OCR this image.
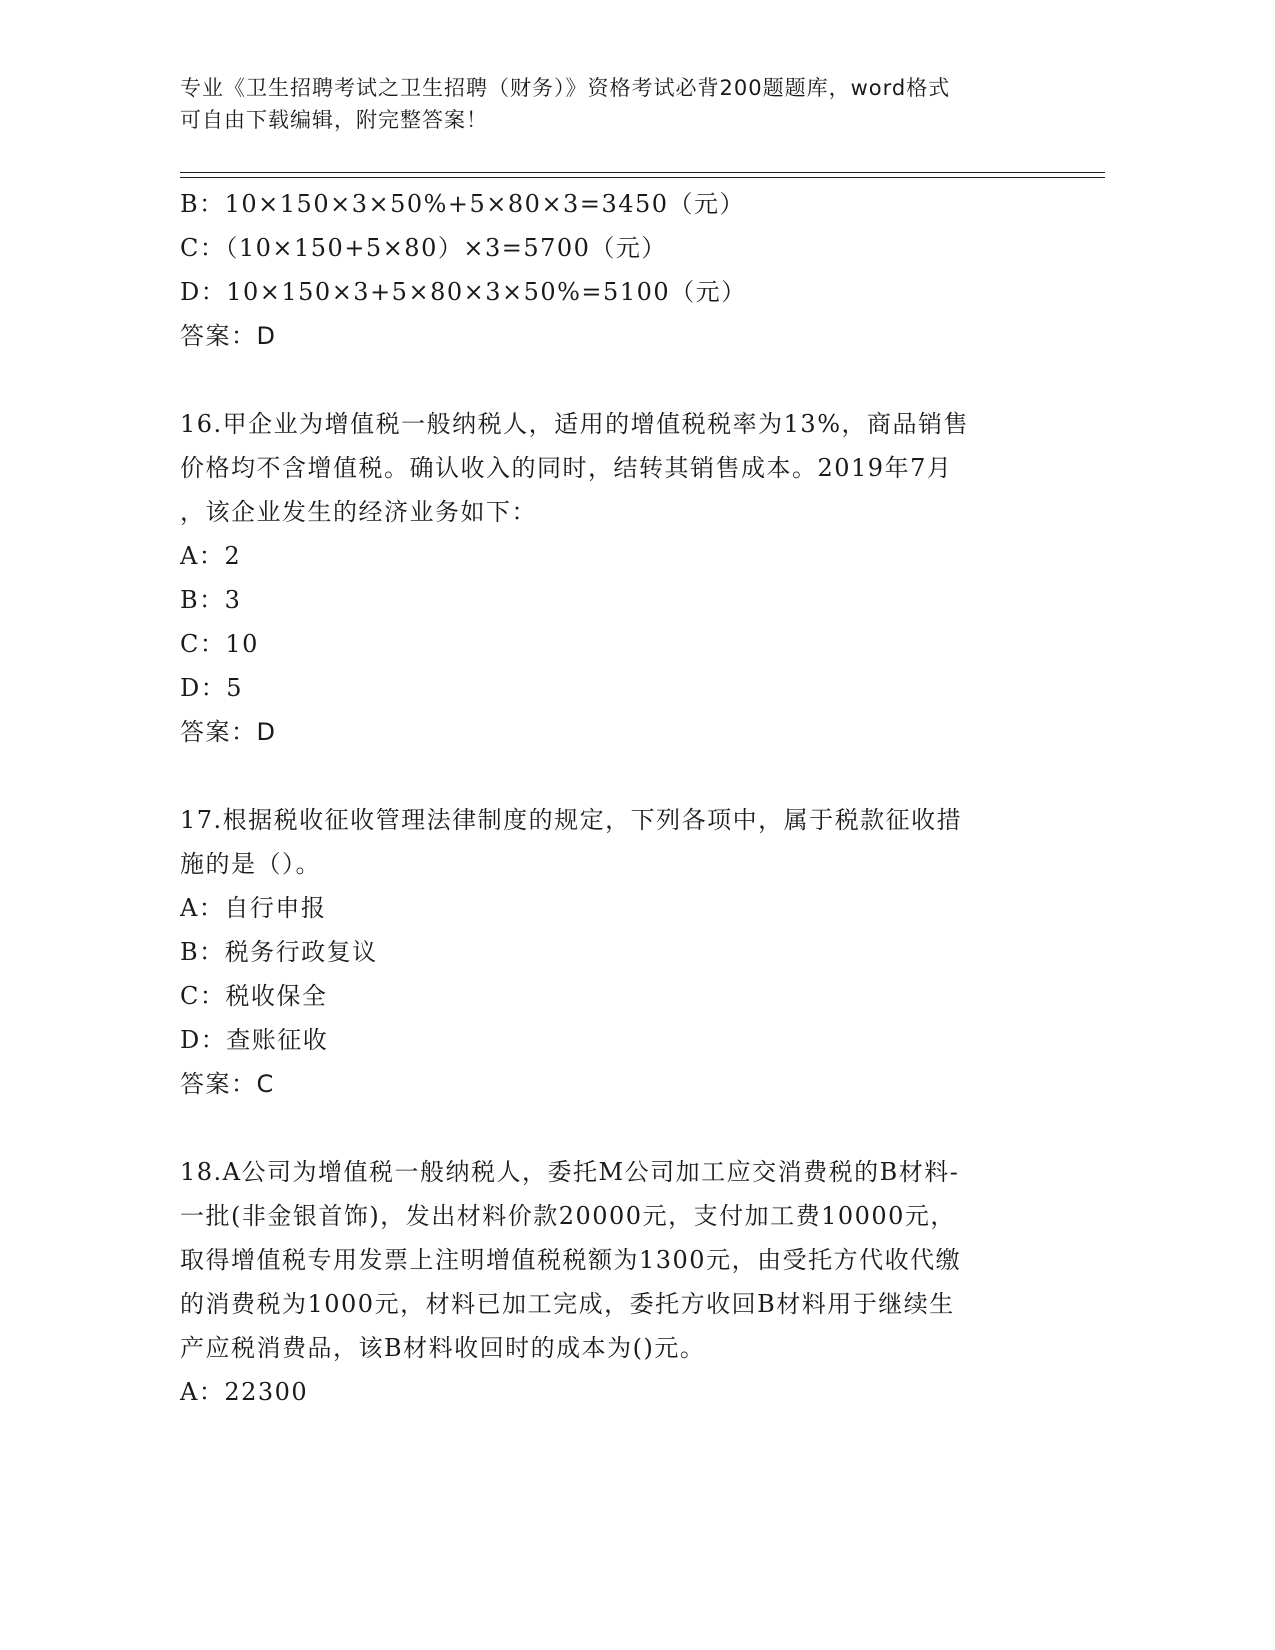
专业《卫生招聘考试之卫生招聘（财务）》资格考试必背200题题库，word格式
可自由下载编辑，附完整答案！
B：10×150×3×50%+5×80×3=3450（元）
C：（10×150+5×80）×3=5700（元）
D：10×150×3+5×80×3×50%=5100（元）
答案：D
16.甲企业为增值税一般纳税人，适用的增值税税率为13%，商品销售
价格均不含增值税。确认收入的同时，结转其销售成本。2019年7月
，该企业发生的经济业务如下：
A：2
B：3
C：10
D：5
答案：D
17.根据税收征收管理法律制度的规定，下列各项中，属于税款征收措
施的是（）。
A：自行申报
B：税务行政复议
C：税收保全
D：查账征收
答案：C
18.A公司为增值税一般纳税人，委托M公司加工应交消费税的B材料-
一批(非金银首饰)，发出材料价款20000元，支付加工费10000元，
取得增值税专用发票上注明增值税税额为1300元，由受托方代收代缴
的消费税为1000元，材料已加工完成，委托方收回B材料用于继续生
产应税消费品，该B材料收回时的成本为()元。
A：22300
